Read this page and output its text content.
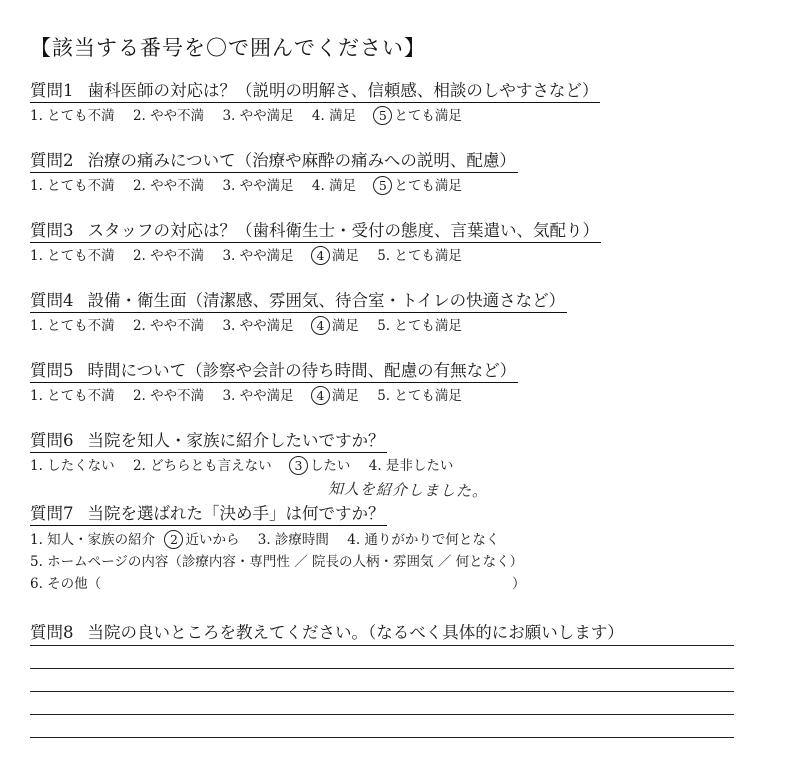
【該当する番号を〇で囲んでください】
質問1 歯科医師の対応は？（説明の明解さ、信頼感、相談のしやすさなど）
1. とても不満 2. やや不満 3. やや満足 4. 満足 5 とても満足
質問2 治療の痛みについて（治療や麻酔の痛みへの説明、配慮）
1. とても不満 2. やや不満 3. やや満足 4. 満足 5 とても満足
質問3 スタッフの対応は？（歯科衛生士・受付の態度、言葉遣い、気配り）
1. とても不満 2. やや不満 3. やや満足 4 満足 5. とても満足
質問4 設備・衛生面（清潔感、雰囲気、待合室・トイレの快適さなど）
1. とても不満 2. やや不満 3. やや満足 4 満足 5. とても満足
質問5 時間について（診察や会計の待ち時間、配慮の有無など）
1. とても不満 2. やや不満 3. やや満足 4 満足 5. とても満足
質問6 当院を知人・家族に紹介したいですか？
1. したくない 2. どちらとも言えない 3 したい 4. 是非したい
知人を紹介しました。
質問7 当院を選ばれた「決め手」は何ですか？
1. 知人・家族の紹介 2 近いから 3. 診療時間 4. 通りがかりで何となく
5. ホームページの内容（診療内容・専門性 ／ 院長の人柄・雰囲気 ／ 何となく）
6. その他（	）
質問8 当院の良いところを教えてください。（なるべく具体的にお願いします）
